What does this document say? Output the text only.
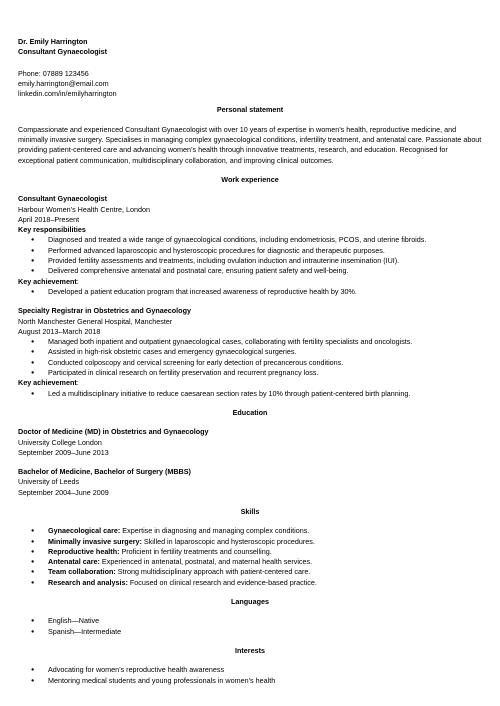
Dr. Emily Harrington

Consultant Gynaecologist

Phone: 07889 123456

emily.harrington@email.com

linkedin.com/in/emilyharrington

Personal statement

Compassionate and experienced Consultant Gynaecologist with over 10 years of expertise in women’s health, reproductive medicine, and minimally invasive surgery. Specialises in managing complex gynaecological conditions, infertility treatment, and antenatal care. Passionate about providing patient-centered care and advancing women’s health through innovative treatments, research, and education. Recognised for exceptional patient communication, multidisciplinary collaboration, and improving clinical outcomes.

Work experience

Consultant Gynaecologist

Harbour Women’s Health Centre, London

April 2018–Present

Key responsibilities

● Diagnosed and treated a wide range of gynaecological conditions, including endometriosis, PCOS, and uterine fibroids.
● Performed advanced laparoscopic and hysteroscopic procedures for diagnostic and therapeutic purposes.
● Provided fertility assessments and treatments, including ovulation induction and intrauterine insemination (IUI).
● Delivered comprehensive antenatal and postnatal care, ensuring patient safety and well-being.

Key achievement:

● Developed a patient education program that increased awareness of reproductive health by 30%.

Specialty Registrar in Obstetrics and Gynaecology

North Manchester General Hospital, Manchester

August 2013–March 2018

● Managed both inpatient and outpatient gynaecological cases, collaborating with fertility specialists and oncologists.
● Assisted in high-risk obstetric cases and emergency gynaecological surgeries.
● Conducted colposcopy and cervical screening for early detection of precancerous conditions.
● Participated in clinical research on fertility preservation and recurrent pregnancy loss.

Key achievement:

● Led a multidisciplinary initiative to reduce caesarean section rates by 10% through patient-centered birth planning.

Education

Doctor of Medicine (MD) in Obstetrics and Gynaecology

University College London

September 2009–June 2013

Bachelor of Medicine, Bachelor of Surgery (MBBS)

University of Leeds

September 2004–June 2009

Skills

● Gynaecological care: Expertise in diagnosing and managing complex conditions.
● Minimally invasive surgery: Skilled in laparoscopic and hysteroscopic procedures.
● Reproductive health: Proficient in fertility treatments and counselling.
● Antenatal care: Experienced in antenatal, postnatal, and maternal health services.
● Team collaboration: Strong multidisciplinary approach with patient-centered care.
● Research and analysis: Focused on clinical research and evidence-based practice.

Languages

● English—Native
● Spanish—Intermediate

Interests

● Advocating for women’s reproductive health awareness
● Mentoring medical students and young professionals in women’s health
